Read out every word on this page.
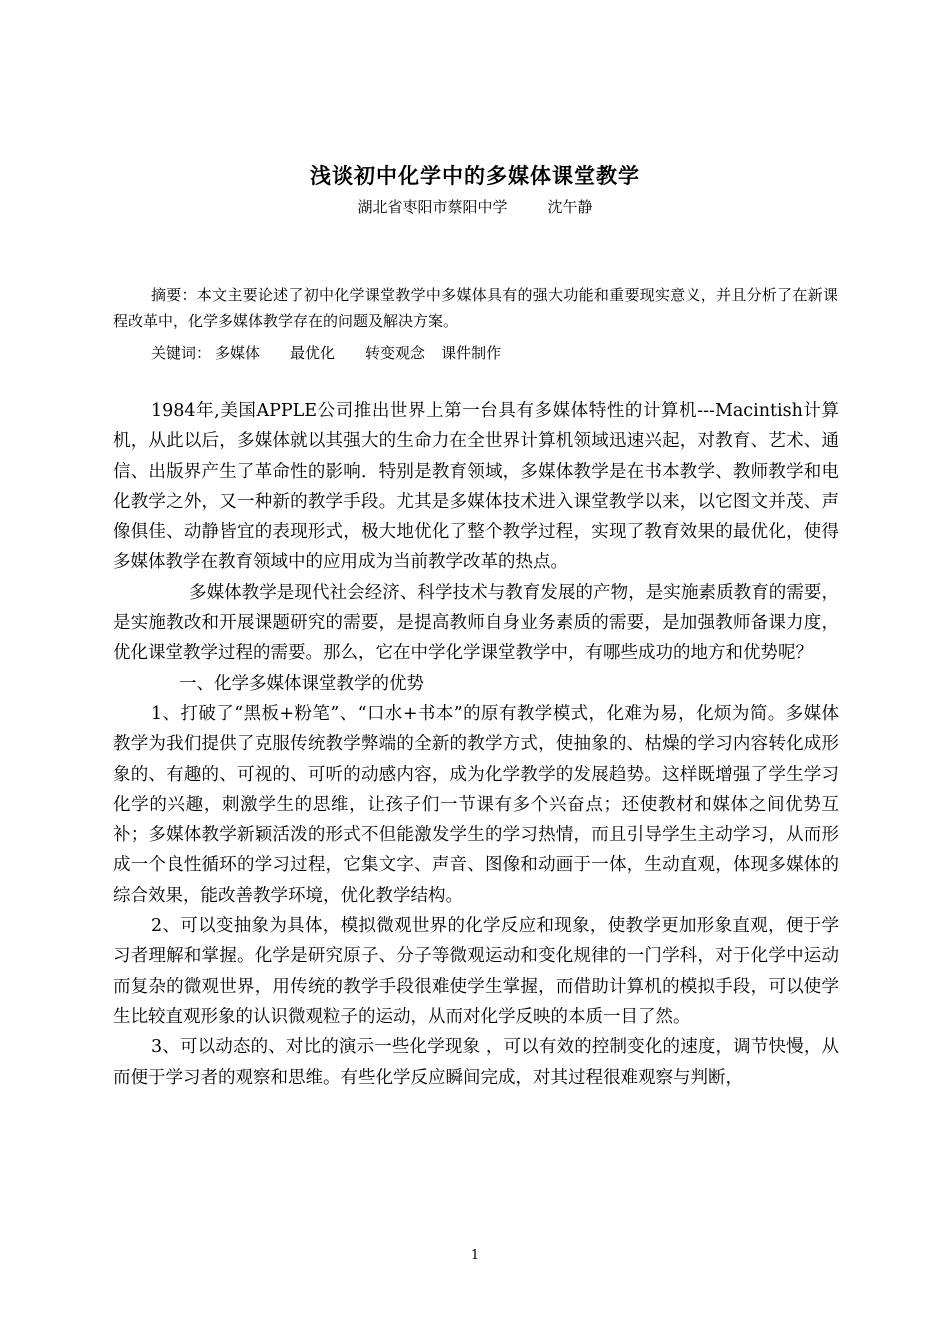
浅谈初中化学中的多媒体课堂教学
湖北省枣阳市蔡阳中学	沈午静
摘要：本文主要论述了初中化学课堂教学中多媒体具有的强大功能和重要现实意义，并且分析了在新课程改革中，化学多媒体教学存在的问题及解决方案。
关键词： 多媒体 最优化 转变观念 课件制作

1984年,美国APPLE公司推出世界上第一台具有多媒体特性的计算机---Macintish计算机，从此以后，多媒体就以其强大的生命力在全世界计算机领域迅速兴起，对教育、艺术、通信、出版界产生了革命性的影响．特别是教育领域，多媒体教学是在书本教学、教师教学和电化教学之外，又一种新的教学手段。尤其是多媒体技术进入课堂教学以来，以它图文并茂、声像俱佳、动静皆宜的表现形式，极大地优化了整个教学过程，实现了教育效果的最优化，使得多媒体教学在教育领域中的应用成为当前教学改革的热点。

多媒体教学是现代社会经济、科学技术与教育发展的产物，是实施素质教育的需要，是实施教改和开展课题研究的需要，是提高教师自身业务素质的需要，是加强教师备课力度，优化课堂教学过程的需要。那么，它在中学化学课堂教学中，有哪些成功的地方和优势呢？

一、化学多媒体课堂教学的优势

1、打破了“黑板+粉笔”、“口水+书本”的原有教学模式，化难为易，化烦为简。多媒体教学为我们提供了克服传统教学弊端的全新的教学方式，使抽象的、枯燥的学习内容转化成形象的、有趣的、可视的、可听的动感内容，成为化学教学的发展趋势。这样既增强了学生学习化学的兴趣，刺激学生的思维，让孩子们一节课有多个兴奋点；还使教材和媒体之间优势互补；多媒体教学新颖活泼的形式不但能激发学生的学习热情，而且引导学生主动学习，从而形成一个良性循环的学习过程，它集文字、声音、图像和动画于一体，生动直观，体现多媒体的综合效果，能改善教学环境，优化教学结构。

2、可以变抽象为具体，模拟微观世界的化学反应和现象，使教学更加形象直观，便于学习者理解和掌握。化学是研究原子、分子等微观运动和变化规律的一门学科，对于化学中运动而复杂的微观世界，用传统的教学手段很难使学生掌握，而借助计算机的模拟手段，可以使学生比较直观形象的认识微观粒子的运动，从而对化学反映的本质一目了然。

3、可以动态的、对比的演示一些化学现象 ，可以有效的控制变化的速度，调节快慢，从而便于学习者的观察和思维。有些化学反应瞬间完成，对其过程很难观察与判断，

1
